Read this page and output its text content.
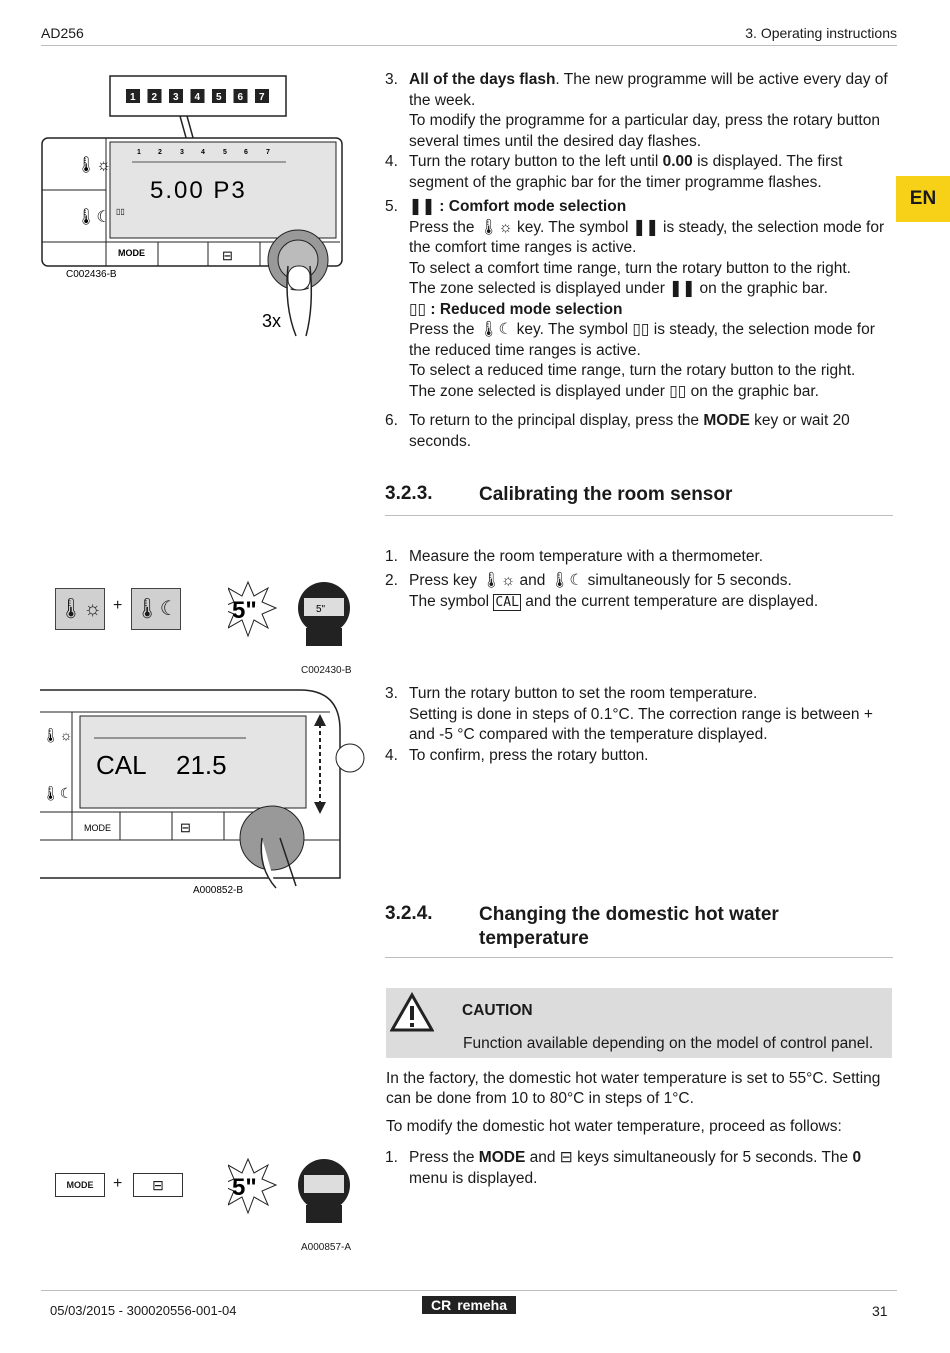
AD256	3. Operating instructions
EN
1 2 3 4 5 6 7
🌡☼
🌡☾
1 2	3 4	5 6	7
5.00 P3
▯▯
MODE	⊟
C002436-B
3x
3. All of the days flash. The new programme will be active every day of the week.
To modify the programme for a particular day, press the rotary button several times until the desired day flashes.
4. Turn the rotary button to the left until 0.00 is displayed. The first segment of the graphic bar for the timer programme flashes.
5. ❚❚ : Comfort mode selection
Press the 🌡☼ key. The symbol ❚❚ is steady, the selection mode for the comfort time ranges is active.
To select a comfort time range, turn the rotary button to the right.
The zone selected is displayed under ❚❚ on the graphic bar.
▯▯ : Reduced mode selection
Press the 🌡☾ key. The symbol ▯▯ is steady, the selection mode for the reduced time ranges is active.
To select a reduced time range, turn the rotary button to the right.
The zone selected is displayed under ▯▯ on the graphic bar.
6. To return to the principal display, press the MODE key or wait 20 seconds.
3.2.3. Calibrating the room sensor
1. Measure the room temperature with a thermometer.
2. Press key 🌡☼ and 🌡☾ simultaneously for 5 seconds.
The symbol CAL and the current temperature are displayed.
🌡☼ + 🌡☾ 5"	5"
C002430-B
🌡☼
🌡☾
CAL 21.5
MODE	⊟
A000852-B
3. Turn the rotary button to set the room temperature.
Setting is done in steps of 0.1°C. The correction range is between + and -5 °C compared with the temperature displayed.
4. To confirm, press the rotary button.
3.2.4. Changing the domestic hot water
temperature
CAUTION
Function available depending on the model of control panel.
In the factory, the domestic hot water temperature is set to 55°C. Setting can be done from 10 to 80°C in steps of 1°C.
To modify the domestic hot water temperature, proceed as follows:
1. Press the MODE and ⊟ keys simultaneously for 5 seconds. The 0 menu is displayed.
MODE	+	⊟	5"
A000857-A
05/03/2015 - 300020556-001-04	CR remeha	31
